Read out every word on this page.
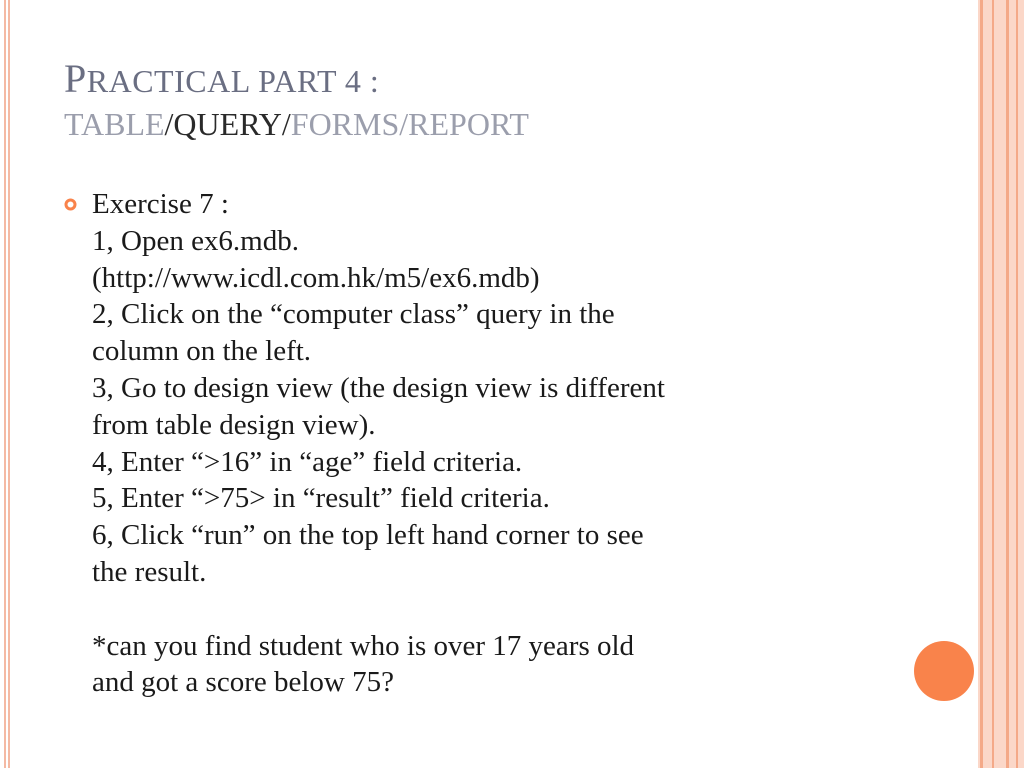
PRACTICAL PART 4 :
TABLE/QUERY/FORMS/REPORT
Exercise 7 :
1, Open ex6.mdb.
(http://www.icdl.com.hk/m5/ex6.mdb)
2, Click on the “computer class” query in the
column on the left.
3, Go to design view (the design view is different
from table design view).
4, Enter “>16” in “age” field criteria.
5, Enter “>75> in “result” field criteria.
6, Click “run” on the top left hand corner to see
the result.
*can you find student who is over 17 years old
and got a score below 75?
